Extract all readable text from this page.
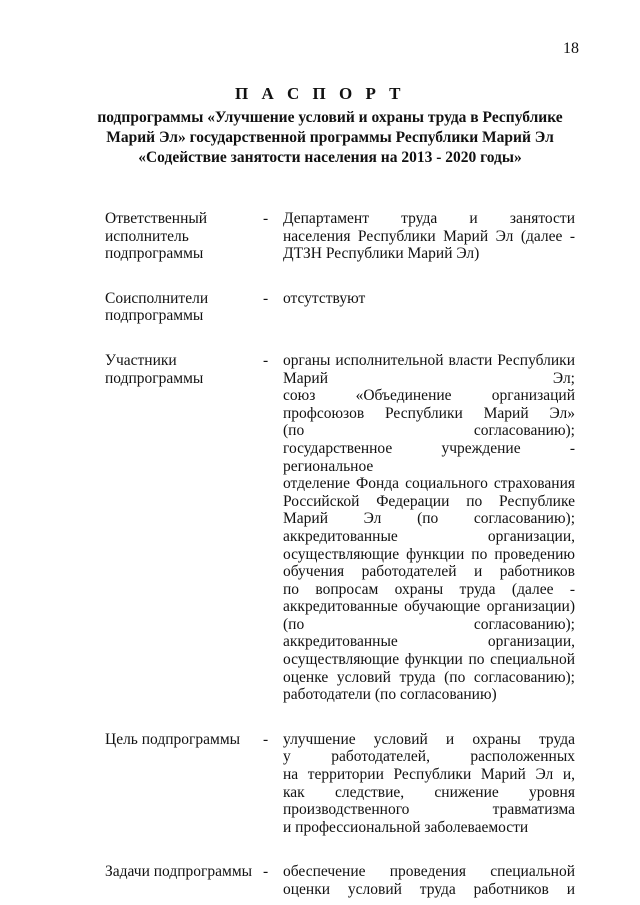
18
П А С П О Р Т
подпрограммы «Улучшение условий и охраны труда в Республике
Марий Эл» государственной программы Республики Марий Эл
«Содействие занятости населения на 2013 - 2020 годы»
Ответственный
исполнитель
подпрограммы
- Департамент труда и занятости
населения Республики Марий Эл (далее -
ДТЗН Республики Марий Эл)
Соисполнители
подпрограммы
- отсутствуют
Участники
подпрограммы
- органы исполнительной власти Республики
Марий Эл;
союз «Объединение организаций
профсоюзов Республики Марий Эл»
(по согласованию);
государственное учреждение - региональное
отделение Фонда социального страхования
Российской Федерации по Республике
Марий Эл (по согласованию);
аккредитованные организации,
осуществляющие функции по проведению
обучения работодателей и работников
по вопросам охраны труда (далее -
аккредитованные обучающие организации)
(по согласованию);
аккредитованные организации,
осуществляющие функции по специальной
оценке условий труда (по согласованию);
работодатели (по согласованию)
Цель подпрограммы	- улучшение условий и охраны труда
у работодателей, расположенных
на территории Республики Марий Эл и,
как следствие, снижение уровня
производственного травматизма
и профессиональной заболеваемости
Задачи подпрограммы - обеспечение проведения специальной
оценки условий труда работников и
